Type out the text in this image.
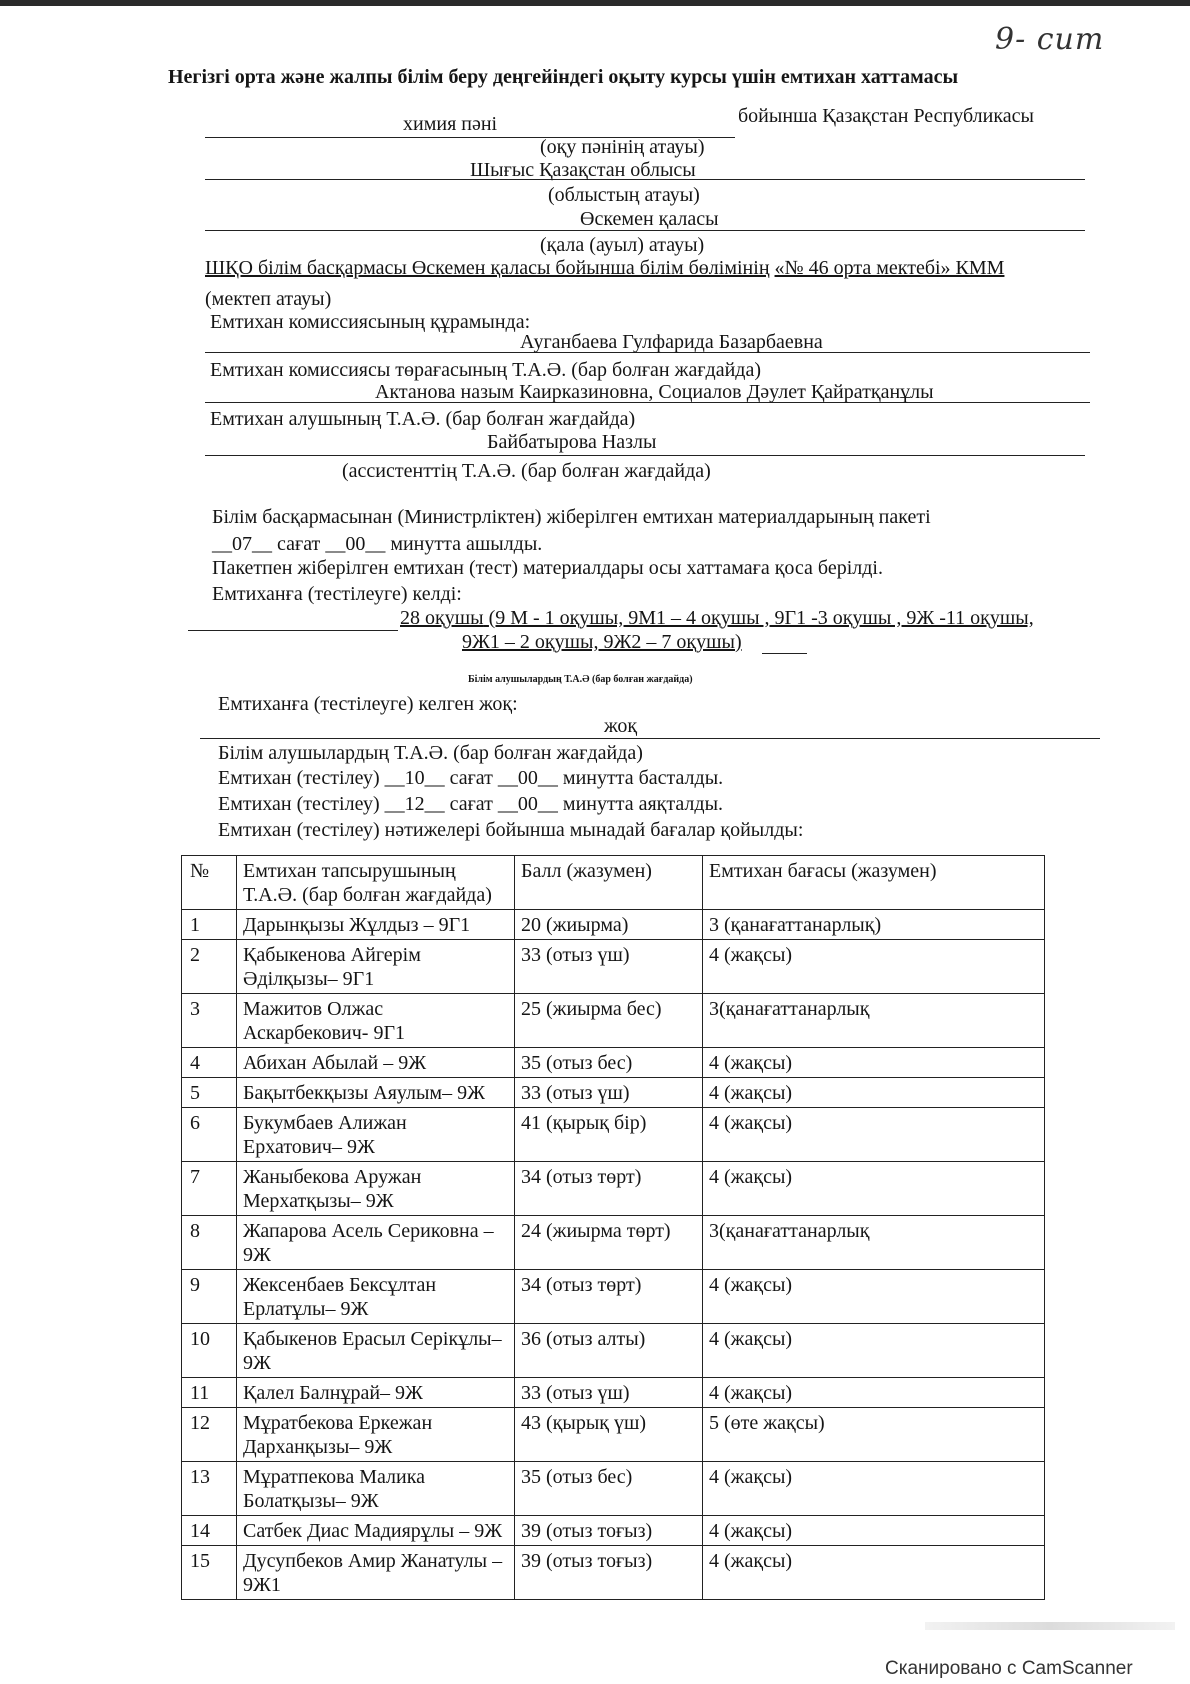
9- сит
Негізгі орта және жалпы білім беру деңгейіндегі оқыту курсы үшін емтихан хаттамасы
химия пәні	бойынша Қазақстан Республикасы
(оқу пәнінің атауы)
Шығыс Қазақстан облысы
(облыстың атауы)
Өскемен қаласы
(қала (ауыл) атауы)
ШҚО білім басқармасы Өскемен қаласы бойынша білім бөлімінің «№ 46 орта мектебі» КММ
(мектеп атауы)
Емтихан комиссиясының құрамында:
Ауганбаева Гулфарида Базарбаевна
Емтихан комиссиясы төрағасының Т.А.Ә. (бар болған жағдайда)
Актанова назым Каирказиновна, Социалов Дәулет Қайратқанұлы
Емтихан алушының Т.А.Ә. (бар болған жағдайда)
Байбатырова Назлы
(ассистенттің Т.А.Ә. (бар болған жағдайда)
Білім басқармасынан (Министрліктен) жіберілген емтихан материалдарының пакеті
__07__ сағат __00__ минутта ашылды.
Пакетпен жіберілген емтихан (тест) материалдары осы хаттамаға қоса берілді.
Емтиханға (тестілеуге) келді:
28 оқушы (9 М - 1 оқушы, 9М1 – 4 оқушы , 9Г1 -3 оқушы , 9Ж -11 оқушы,
9Ж1 – 2 оқушы, 9Ж2 – 7 оқушы)
Білім алушылардың Т.А.Ә (бар болған жағдайда)
Емтиханға (тестілеуге) келген жоқ:
жоқ
Білім алушылардың Т.А.Ә. (бар болған жағдайда)
Емтихан (тестілеу) __10__ сағат __00__ минутта басталды.
Емтихан (тестілеу) __12__ сағат __00__ минутта аяқталды.
Емтихан (тестілеу) нәтижелері бойынша мынадай бағалар қойылды:
№	Емтихан тапсырушының Т.А.Ә. (бар болған жағдайда)	Балл (жазумен)	Емтихан бағасы (жазумен)
1	Дарынқызы Жұлдыз – 9Г1	20 (жиырма)	3 (қанағаттанарлық)
2	Қабыкенова Айгерім Әділқызы– 9Г1	33 (отыз үш)	4 (жақсы)
3	Мажитов Олжас Аскарбекович- 9Г1	25 (жиырма бес)	3(қанағаттанарлық
4	Абихан Абылай – 9Ж	35 (отыз бес)	4 (жақсы)
5	Бақытбекқызы Аяулым– 9Ж	33 (отыз үш)	4 (жақсы)
6	Букумбаев Алижан Ерхатович– 9Ж	41 (қырық бір)	4 (жақсы)
7	Жаныбекова Аружан Мерхатқызы– 9Ж	34 (отыз төрт)	4 (жақсы)
8	Жапарова Асель Сериковна – 9Ж	24 (жиырма төрт)	3(қанағаттанарлық
9	Жексенбаев Бексұлтан Ерлатұлы– 9Ж	34 (отыз төрт)	4 (жақсы)
10	Қабыкенов Ерасыл Серікұлы– 9Ж	36 (отыз алты)	4 (жақсы)
11	Қалел Балнұрай– 9Ж	33 (отыз үш)	4 (жақсы)
12	Мұратбекова Еркежан Дарханқызы– 9Ж	43 (қырық үш)	5 (өте жақсы)
13	Мұратпекова Малика Болатқызы– 9Ж	35 (отыз бес)	4 (жақсы)
14	Сатбек Диас Мадиярұлы – 9Ж	39 (отыз тоғыз)	4 (жақсы)
15	Дусупбеков Амир Жанатулы – 9Ж1	39 (отыз тоғыз)	4 (жақсы)
Сканировано с CamScanner
